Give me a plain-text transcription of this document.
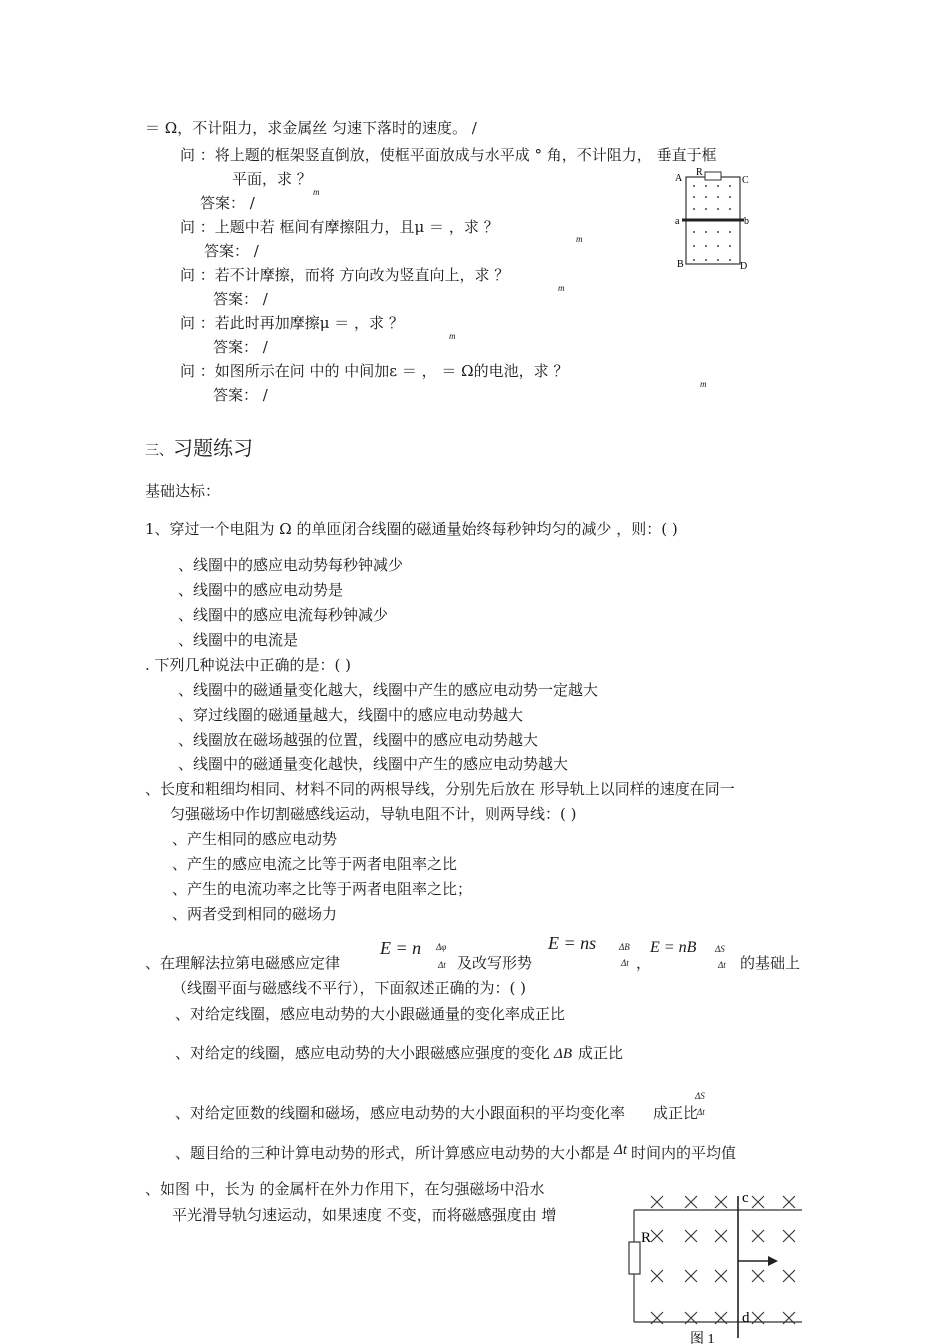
＝ Ω，不计阻力，求金属丝 匀速下落时的速度。 /
问 ：将上题的框架竖直倒放，使框平面放成与水平成 ° 角，不计阻力， 垂直于框
平面，求 ？
m
答案： /
问 ：上题中若 框间有摩擦阻力，且μ ＝ ，求 ？
m
答案： /
问 ：若不计摩擦，而将 方向改为竖直向上，求 ？
m
答案： /
问 ：若此时再加摩擦μ ＝ ，求 ？
m
答案： /
问 ：如图所示在问 中的 中间加ε ＝ ， ＝ Ω的电池，求 ？
m
答案： /
A
R
C
a	b
B	D
三、习题练习
基础达标：
1、穿过一个电阻为 Ω 的单匝闭合线圈的磁通量始终每秒钟均匀的减少 ，则：( )
、线圈中的感应电动势每秒钟减少
、线圈中的感应电动势是
、线圈中的感应电流每秒钟减少
、线圈中的电流是
. 下列几种说法中正确的是：( )
、线圈中的磁通量变化越大，线圈中产生的感应电动势一定越大
、穿过线圈的磁通量越大，线圈中的感应电动势越大
、线圈放在磁场越强的位置，线圈中的感应电动势越大
、线圈中的磁通量变化越快，线圈中产生的感应电动势越大
、长度和粗细均相同、材料不同的两根导线，分别先后放在 形导轨上以同样的速度在同一
匀强磁场中作切割磁感线运动，导轨电阻不计，则两导线：( )
、产生相同的感应电动势
、产生的感应电流之比等于两者电阻率之比
、产生的电流功率之比等于两者电阻率之比；
、两者受到相同的磁场力
、在理解法拉第电磁感应定律
E = n Δφ
Δt 及改写形势
E = ns	ΔB
Δt ，
E = nB ΔS
Δt 的基础上
（线圈平面与磁感线不平行），下面叙述正确的为：( )
、对给定线圈，感应电动势的大小跟磁通量的变化率成正比
、对给定的线圈，感应电动势的大小跟磁感应强度的变化 ΔB 成正比
ΔS
Δt
、对给定匝数的线圈和磁场，感应电动势的大小跟面积的平均变化率 成正比
、题目给的三种计算电动势的形式，所计算感应电动势的大小都是 Δt 时间内的平均值
、如图 中，长为 的金属杆在外力作用下，在匀强磁场中沿水
平光滑导轨匀速运动，如果速度 不变，而将磁感强度由 增
c
R
d
图 1
